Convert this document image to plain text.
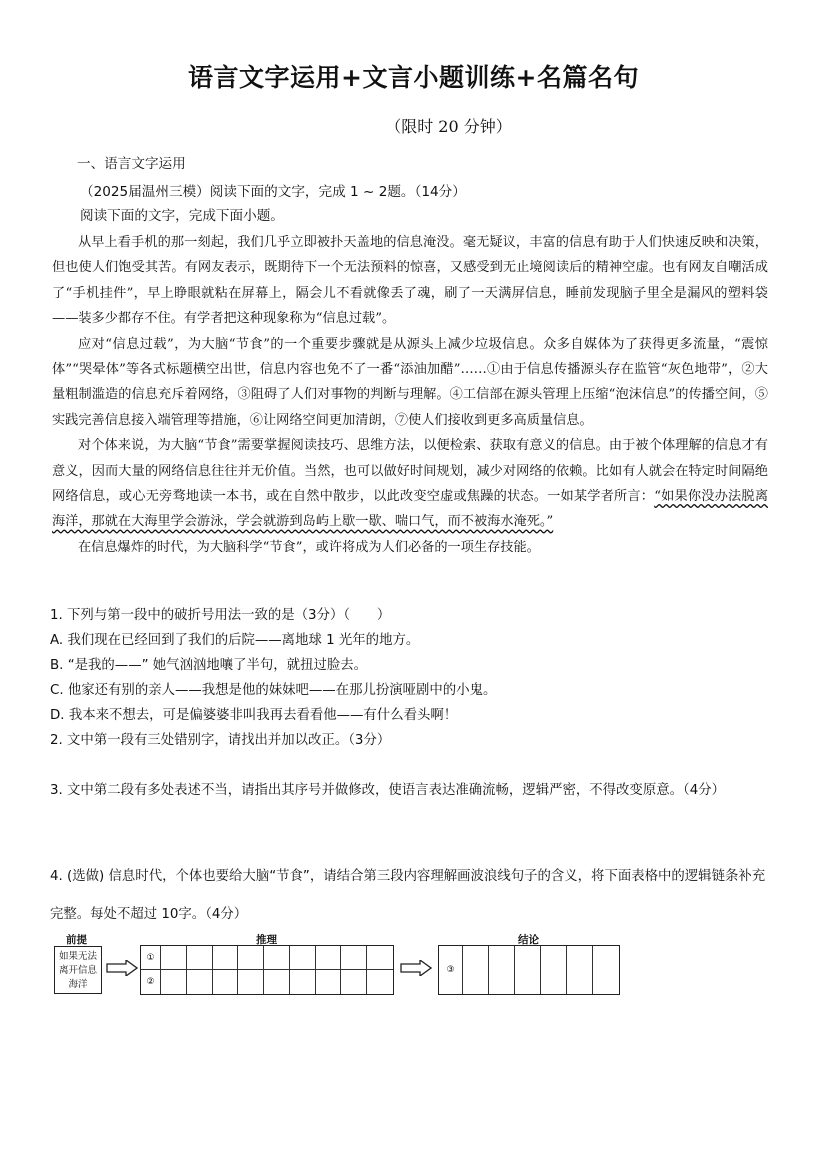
语言文字运用+文言小题训练+名篇名句
（限时 20 分钟）
一、语言文字运用
（2025届温州三模）阅读下面的文字，完成 1 ~ 2题。（14分）
阅读下面的文字，完成下面小题。

从早上看手机的那一刻起，我们几乎立即被扑天盖地的信息淹没。毫无疑议，丰富的信息有助于人们快速反映和决策，但也使人们饱受其苦。有网友表示，既期待下一个无法预料的惊喜，又感受到无止境阅读后的精神空虚。也有网友自嘲活成了“手机挂件”，早上睁眼就粘在屏幕上，隔会儿不看就像丢了魂，刷了一天满屏信息，睡前发现脑子里全是漏风的塑料袋——装多少都存不住。有学者把这种现象称为“信息过载”。

应对“信息过载”，为大脑“节食”的一个重要步骤就是从源头上减少垃圾信息。众多自媒体为了获得更多流量，“震惊体”“哭晕体”等各式标题横空出世，信息内容也免不了一番“添油加醋”……①由于信息传播源头存在监管“灰色地带”，②大量粗制滥造的信息充斥着网络，③阻碍了人们对事物的判断与理解。④工信部在源头管理上压缩“泡沫信息”的传播空间，⑤实践完善信息接入端管理等措施，⑥让网络空间更加清朗，⑦使人们接收到更多高质量信息。

对个体来说，为大脑“节食”需要掌握阅读技巧、思维方法，以便检索、获取有意义的信息。由于被个体理解的信息才有意义，因而大量的网络信息往往并无价值。当然，也可以做好时间规划，减少对网络的依赖。比如有人就会在特定时间隔绝网络信息，或心无旁骛地读一本书，或在自然中散步，以此改变空虚或焦躁的状态。一如某学者所言：“如果你没办法脱离海洋，那就在大海里学会游泳，学会就游到岛屿上歇一歇、喘口气，而不被海水淹死。”

在信息爆炸的时代，为大脑科学“节食”，或许将成为人们必备的一项生存技能。

1. 下列与第一段中的破折号用法一致的是（3分）（　　）
A. 我们现在已经回到了我们的后院——离地球 1 光年的地方。
B. “是我的——” 她气汹汹地嚷了半句，就扭过脸去。
C. 他家还有别的亲人——我想是他的妹妹吧——在那儿扮演哑剧中的小鬼。
D. 我本来不想去，可是偏婆婆非叫我再去看看他——有什么看头啊！
2. 文中第一段有三处错别字，请找出并加以改正。（3分）
3. 文中第二段有多处表述不当，请指出其序号并做修改，使语言表达准确流畅，逻辑严密，不得改变原意。（4分）
4. (选做) 信息时代，个体也要给大脑“节食”，请结合第三段内容理解画波浪线句子的含义，将下面表格中的逻辑链条补充完整。每处不超过 10字。（4分）
前提	推理	结论
如果无法离开信息海洋
①
②
③
